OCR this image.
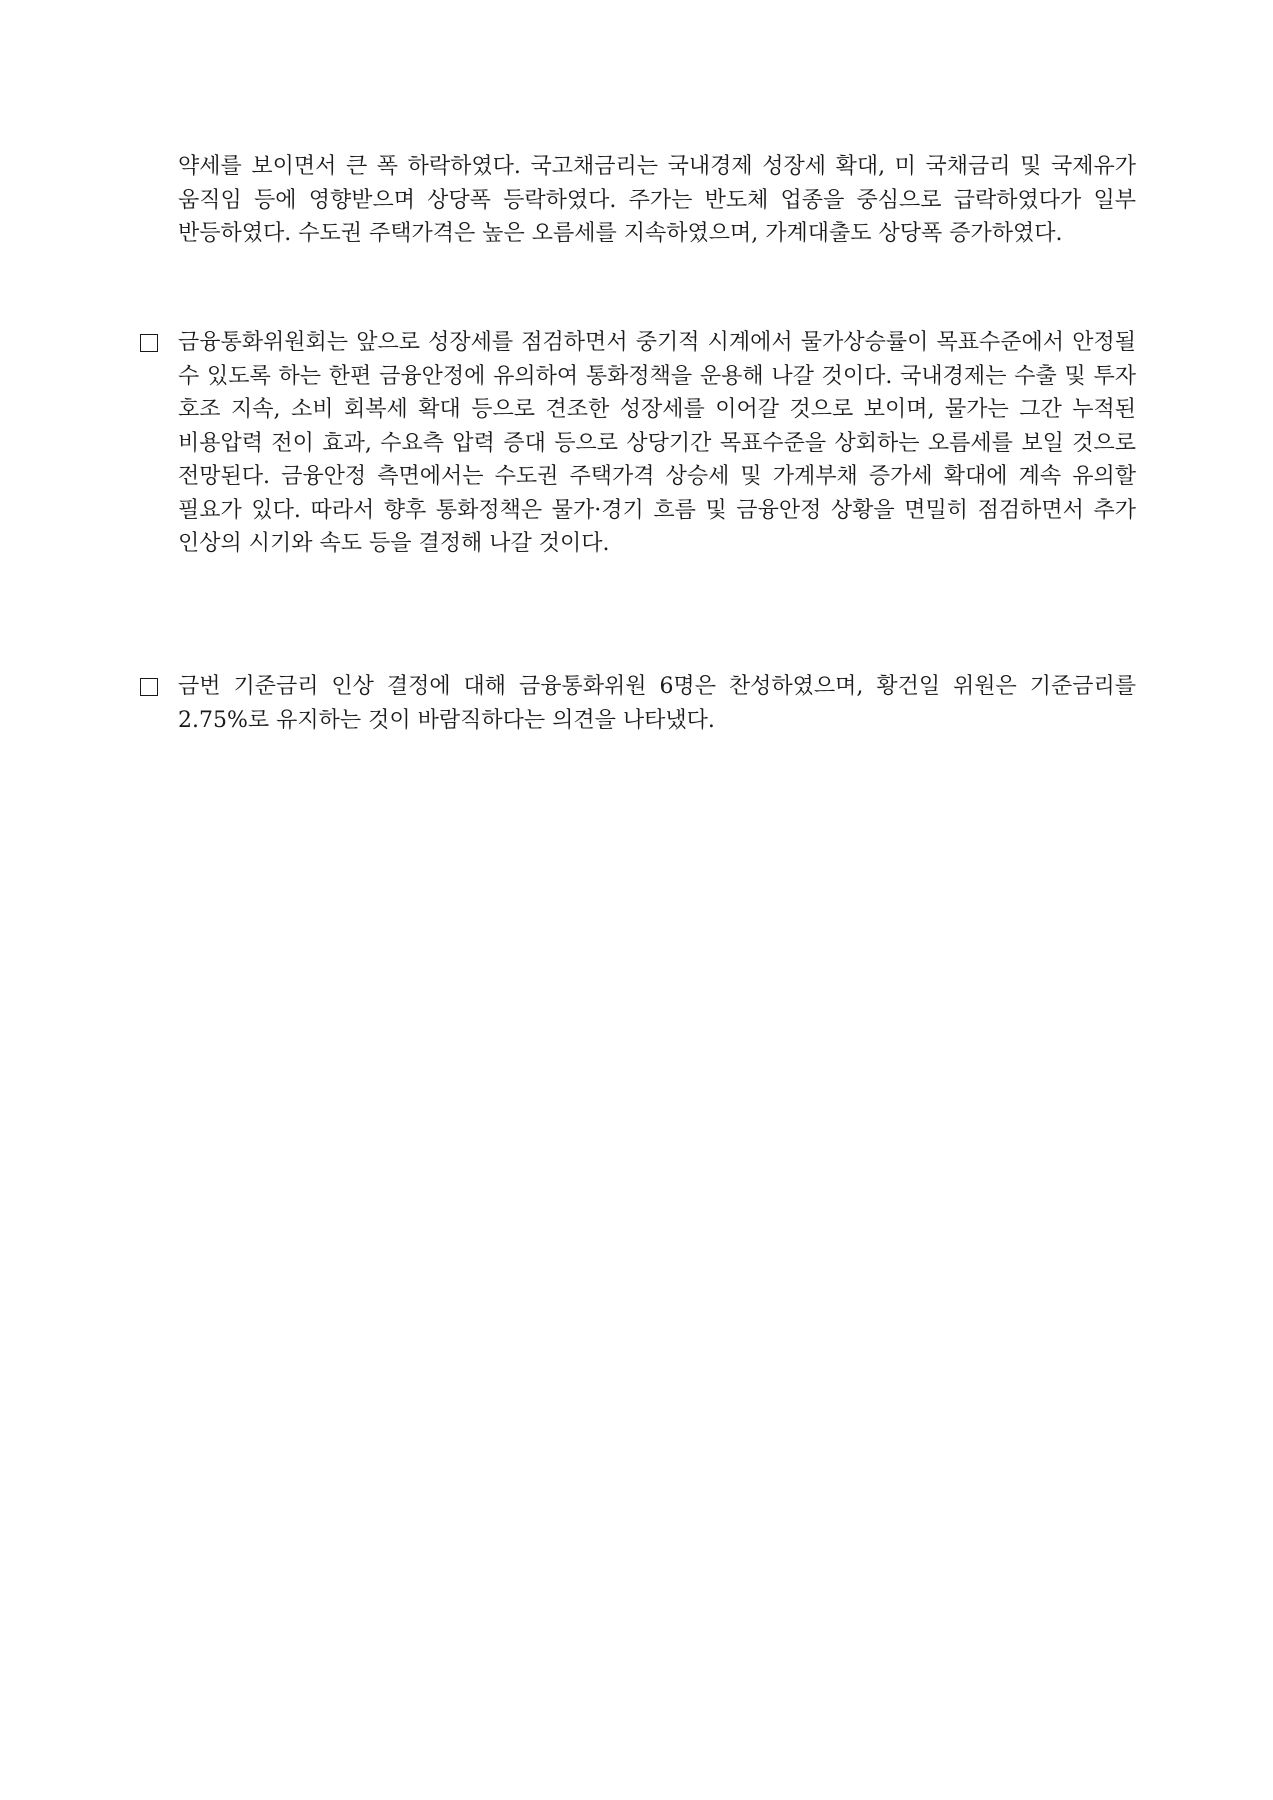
약세를 보이면서 큰 폭 하락하였다. 국고채금리는 국내경제 성장세 확대, 미 국채금리 및 국제유가 움직임 등에 영향받으며 상당폭 등락하였다. 주가는 반도체 업종을 중심으로 급락하였다가 일부 반등하였다. 수도권 주택가격은 높은 오름세를 지속하였으며, 가계대출도 상당폭 증가하였다.

금융통화위원회는 앞으로 성장세를 점검하면서 중기적 시계에서 물가상승률이 목표수준에서 안정될 수 있도록 하는 한편 금융안정에 유의하여 통화정책을 운용해 나갈 것이다. 국내경제는 수출 및 투자 호조 지속, 소비 회복세 확대 등으로 견조한 성장세를 이어갈 것으로 보이며, 물가는 그간 누적된 비용압력 전이 효과, 수요측 압력 증대 등으로 상당기간 목표수준을 상회하는 오름세를 보일 것으로 전망된다. 금융안정 측면에서는 수도권 주택가격 상승세 및 가계부채 증가세 확대에 계속 유의할 필요가 있다. 따라서 향후 통화정책은 물가·경기 흐름 및 금융안정 상황을 면밀히 점검하면서 추가 인상의 시기와 속도 등을 결정해 나갈 것이다.
금번 기준금리 인상 결정에 대해 금융통화위원 6명은 찬성하였으며, 황건일 위원은 기준금리를 2.75%로 유지하는 것이 바람직하다는 의견을 나타냈다.
